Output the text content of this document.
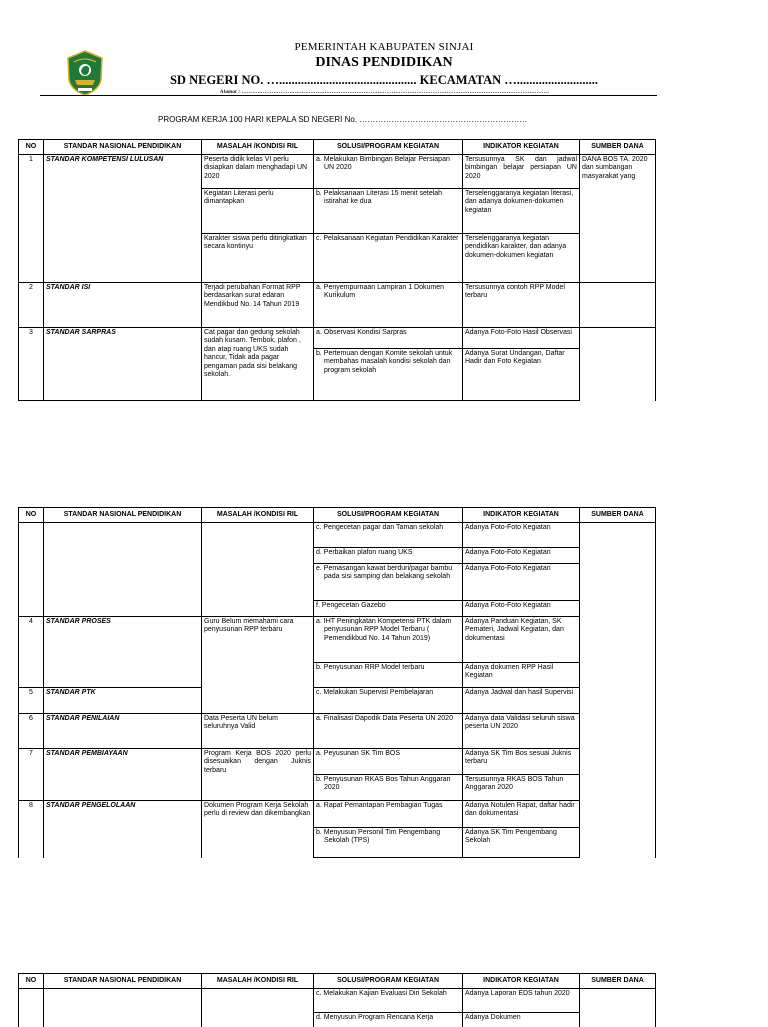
PEMERINTAH KABUPATEN SINJAI
DINAS PENDIDIKAN
SD NEGERI NO. …............................................ KECAMATAN …..........................
Alamat : …………………………………………………………………………………………………………………………………………………………
PROGRAM KERJA 100 HARI KEPALA SD NEGERI No. ………………………………………………………
NO	STANDAR NASIONAL PENDIDIKAN	MASALAH /KONDISI RIL	SOLUSI/PROGRAM KEGIATAN	INDIKATOR KEGIATAN	SUMBER DANA
1	STANDAR KOMPETENSI LULUSAN	Peserta didik kelas VI perlu disiapkan dalam menghadapi UN 2020	a. Melakukan Bimbingan Belajar Persiapan UN 2020	Tersusunnya SK dan jadwal bimbingan belajar persiapan UN 2020	DANA BOS TA. 2020 dan sumbangan masyarakat yang
		Kegiatan Literasi perlu dimantapkan	b. Pelaksanaan Literasi 15 menit setelah istirahat ke dua	Terselenggaranya kegiatan literasi, dan adanya dokumen-dokumen kegiatan	
		Karakter siswa perlu ditingkatkan secara kontinyu	c. Pelaksanaan Kegiatan Pendidikan Karakter	Terselenggaranya kegiatan pendidikan karakter, dan adanya dokumen-dokumen kegiatan	
2	STANDAR ISI	Terjadi perubahan Format RPP berdasarkan surat edaran Mendikbud No. 14 Tahun 2019	a. Penyempurnaan Lampiran 1 Dokumen Kurikulum	Tersusunnya contoh RPP Model terbaru	
3	STANDAR SARPRAS	Cat pagar dan gedung sekolah sudah kusam. Tembok, plafon , dan atap ruang UKS sudah hancur, Tidak ada pagar pengaman pada sisi belakang sekolah.	a. Observasi Kondisi Sarpras	Adanya Foto-Foto Hasil Observasi	
			b. Pertemuan dengan Komite sekolah untuk membahas masalah kondisi sekolah dan program sekolah	Adanya Surat Undangan, Daftar Hadir dan Foto Kegiatan	
NO	STANDAR NASIONAL PENDIDIKAN	MASALAH /KONDISI RIL	SOLUSI/PROGRAM KEGIATAN	INDIKATOR KEGIATAN	SUMBER DANA
			c. Pengecetan pagar dan Taman sekolah	Adanya Foto-Foto Kegiatan	
			d. Perbaikan plafon ruang UKS	Adanya Foto-Foto Kegiatan	
			e. Pemasangan kawat berduri/pagar bambu pada sisi samping dan belakang sekolah	Adanya Foto-Foto Kegiatan	
			f. Pengecetan Gazebo	Adanya Foto-Foto Kegiatan	
4	STANDAR PROSES	Guru Belum memahami cara penyusunan RPP terbaru	a. IHT Peningkatan Kompetensi PTK dalam penyusunan RPP Model Terbaru ( Pemendikbud No. 14 Tahun 2019)	Adanya Panduan Kegiatan, SK Pemateri, Jadwal Kegiatan, dan dokumentasi	
			b. Penyusunan RRP Model terbaru	Adanya dokumen RPP Hasil Kegiatan	
5	STANDAR PTK		c. Melakukan Supervisi Pembelajaran	Adanya Jadwal dan hasil Supervisi	
6	STANDAR PENILAIAN	Data Peserta UN belum seluruhnya Valid	a. Finalisasi Dapodik Data Peserta UN 2020	Adanya data Validasi seluruh siswa peserta UN 2020	
7	STANDAR PEMBIAYAAN	Program Kerja BOS 2020 perlu disesuaikan dengan Juknis terbaru	a. Peyusunan SK Tim BOS	Adanya SK Tim Bos sesuai Juknis terbaru	
			b. Penyusunan RKAS Bos Tahun Anggaran 2020	Tersusunnya RKAS BOS Tahun Anggaran 2020	
8	STANDAR PENGELOLAAN	Dokumen Program Kerja Sekolah perlu di review dan dikembangkan	a. Rapat Pemantapan Pembagian Tugas	Adanya Notulen Rapat, daftar hadir dan dokumentasi	
			b. Menyusun Personil Tim Pengembang Sekolah (TPS)	Adanya SK Tim Pengembang Sekolah	
NO	STANDAR NASIONAL PENDIDIKAN	MASALAH /KONDISI RIL	SOLUSI/PROGRAM KEGIATAN	INDIKATOR KEGIATAN	SUMBER DANA
			c. Melakukan Kajian Evaluasi Diri Sekolah	Adanya Laporan EDS tahun 2020	
			d. Menyusun Program Rencana Kerja	Adanya Dokumen	
